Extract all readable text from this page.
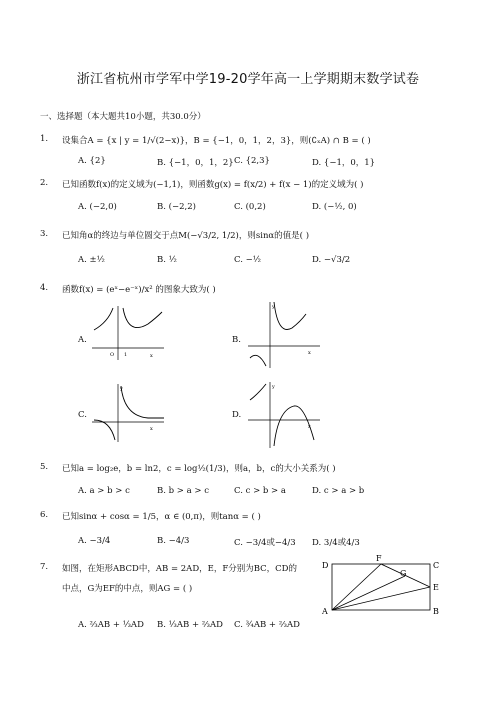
浙江省杭州市学军中学19-20学年高一上学期期末数学试卷
一、选择题（本大题共10小题，共30.0分）
1. 设集合A = {x | y = 1/√(2−x)}，B = {−1，0，1，2，3}，则(∁ₓA) ∩ B = ( )
A. {2}	B. {−1，0，1，2} C. {2,3}	D. {−1，0，1}
2. 已知函数f(x)的定义域为(−1,1)，则函数g(x) = f(x/2) + f(x − 1)的定义域为( )
A. (−2,0)	B. (−2,2)	C. (0,2)	D. (−½, 0)
3. 已知角α的终边与单位圆交于点M(−√3/2, 1/2)，则sinα的值是( )
A. ±½	B. ½	C. −½	D. −√3/2
4. 函数f(x) = (eˣ−e⁻ˣ)/x² 的图象大致为( )
A.
x
O 1
B.
x
y
C.
x
y
D.
x
y
5. 已知a = log₂e，b = ln2，c = log½(1/3)，则a，b，c的大小关系为( )
A. a > b > c	B. b > a > c	C. c > b > a	D. c > a > b
6. 已知sinα + cosα = 1/5，α ∈ (0,π)，则tanα = ( )
A. −3/4	B. −4/3	C. −3/4或−4/3 D. 3/4或4/3
7. 如图，在矩形ABCD中，AB = 2AD，E，F分别为BC，CD的
中点，G为EF的中点，则AG = ( )
A. ⅔AB + ⅓AD B. ⅓AB + ⅔AD C. ¾AB + ⅔AD
D
F
C
G
E
A	B
